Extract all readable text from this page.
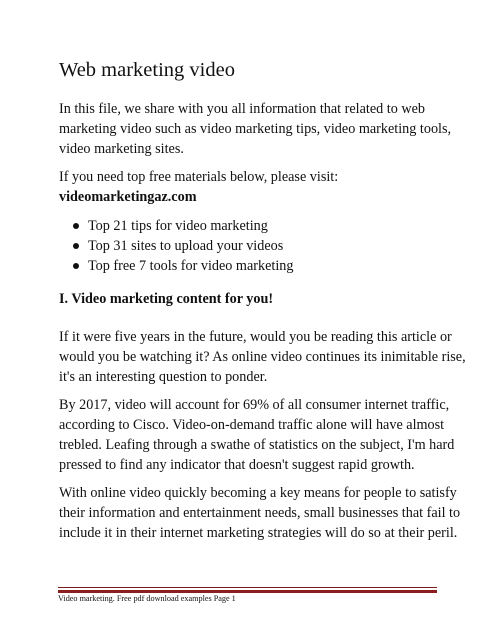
Web marketing video

In this file, we share with you all information that related to web
marketing video such as video marketing tips, video marketing tools,
video marketing sites.

If you need top free materials below, please visit:
videomarketingaz.com

Top 21 tips for video marketing
Top 31 sites to upload your videos
Top free 7 tools for video marketing
I. Video marketing content for you!

If it were five years in the future, would you be reading this article or
would you be watching it? As online video continues its inimitable rise,
it's an interesting question to ponder.

By 2017, video will account for 69% of all consumer internet traffic,
according to Cisco. Video-on-demand traffic alone will have almost
trebled. Leafing through a swathe of statistics on the subject, I'm hard
pressed to find any indicator that doesn't suggest rapid growth.

With online video quickly becoming a key means for people to satisfy
their information and entertainment needs, small businesses that fail to
include it in their internet marketing strategies will do so at their peril.

Video marketing. Free pdf download examples Page 1
